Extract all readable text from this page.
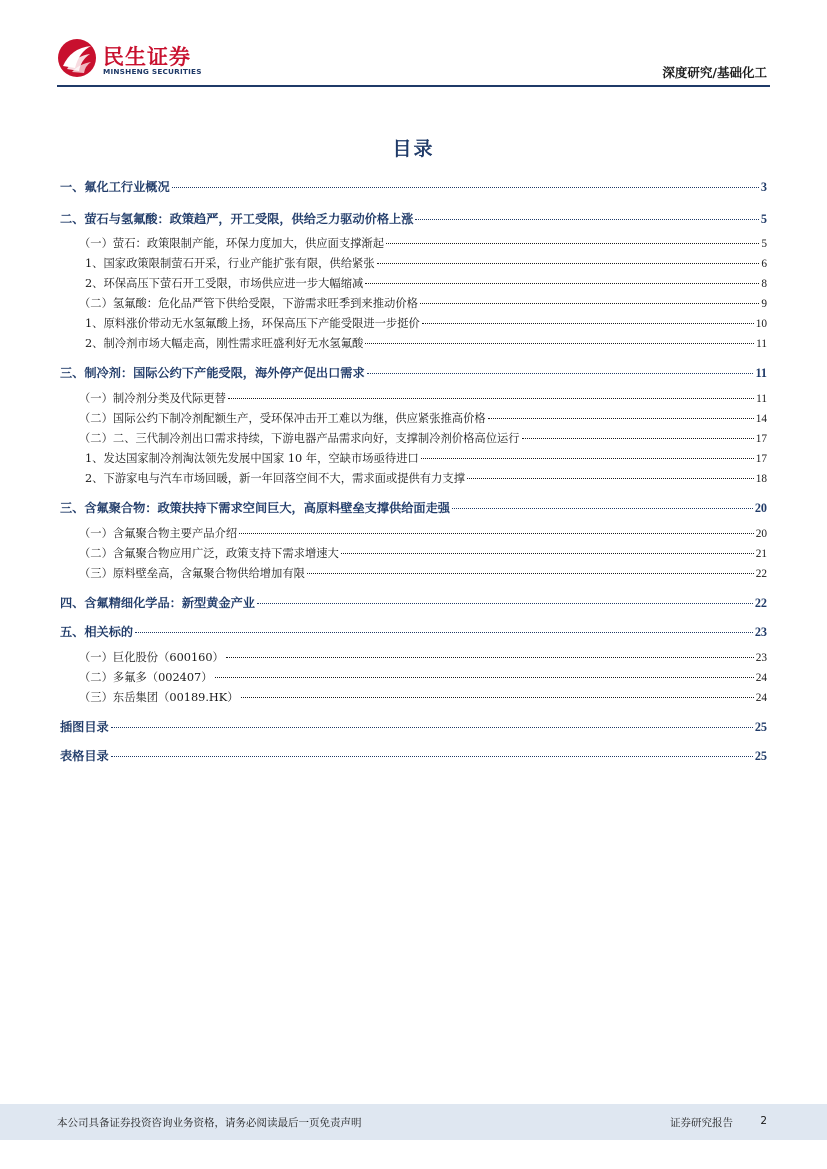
民生证券
MINSHENG SECURITIES	深度研究/基础化工
目录
一、氟化工行业概况	3
二、萤石与氢氟酸：政策趋严，开工受限，供给乏力驱动价格上涨	5
（一）萤石：政策限制产能，环保力度加大，供应面支撑渐起	5
1、国家政策限制萤石开采，行业产能扩张有限，供给紧张	6
2、环保高压下萤石开工受限，市场供应进一步大幅缩减	8
（二）氢氟酸：危化品严管下供给受限，下游需求旺季到来推动价格	9
1、原料涨价带动无水氢氟酸上扬，环保高压下产能受限进一步挺价	10
2、制冷剂市场大幅走高，刚性需求旺盛利好无水氢氟酸	11
三、制冷剂：国际公约下产能受限，海外停产促出口需求	11
（一）制冷剂分类及代际更替	11
（二）国际公约下制冷剂配额生产，受环保冲击开工难以为继，供应紧张推高价格	14
（二）二、三代制冷剂出口需求持续，下游电器产品需求向好，支撑制冷剂价格高位运行	17
1、发达国家制冷剂淘汰领先发展中国家 10 年，空缺市场亟待进口	17
2、下游家电与汽车市场回暖，新一年回落空间不大，需求面或提供有力支撑	18
三、含氟聚合物：政策扶持下需求空间巨大，高原料壁垒支撑供给面走强	20
（一）含氟聚合物主要产品介绍	20
（二）含氟聚合物应用广泛，政策支持下需求增速大	21
（三）原料壁垒高，含氟聚合物供给增加有限	22
四、含氟精细化学品：新型黄金产业	22
五、相关标的	23
（一）巨化股份（600160）	23
（二）多氟多（002407）	24
（三）东岳集团（00189.HK）	24
插图目录	25
表格目录	25
本公司具备证券投资咨询业务资格，请务必阅读最后一页免责声明	证券研究报告	2
